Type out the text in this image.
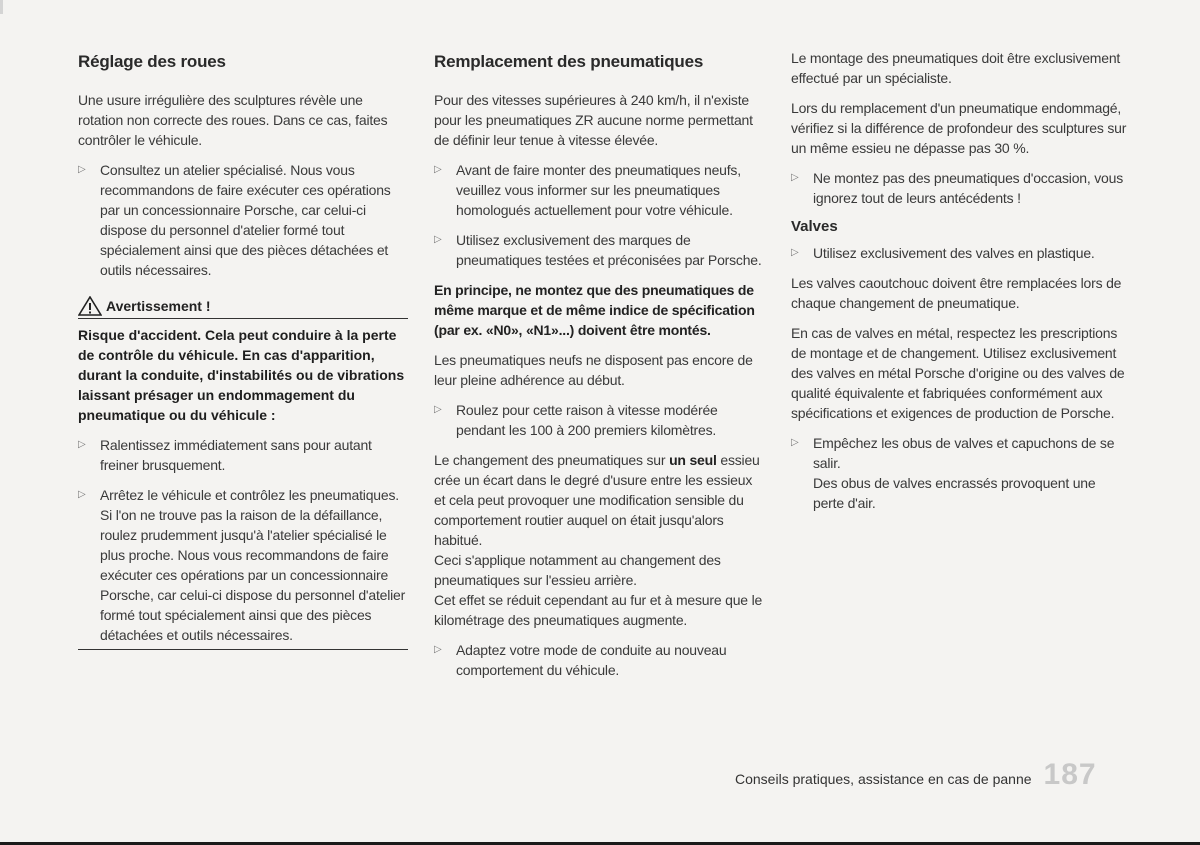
Réglage des roues

Une usure irrégulière des sculptures révèle une rotation non correcte des roues. Dans ce cas, faites contrôler le véhicule.

▷ Consultez un atelier spécialisé. Nous vous recommandons de faire exécuter ces opérations par un concessionnaire Porsche, car celui-ci dispose du personnel d'atelier formé tout spécialement ainsi que des pièces détachées et outils nécessaires.
Avertissement !
Risque d'accident. Cela peut conduire à la perte de contrôle du véhicule. En cas d'apparition, durant la conduite, d'instabilités ou de vibrations laissant présager un endommagement du pneumatique ou du véhicule :
▷ Ralentissez immédiatement sans pour autant freiner brusquement.
▷ Arrêtez le véhicule et contrôlez les pneumatiques.
Si l'on ne trouve pas la raison de la défaillance, roulez prudemment jusqu'à l'atelier spécialisé le plus proche. Nous vous recommandons de faire exécuter ces opérations par un concessionnaire Porsche, car celui-ci dispose du personnel d'atelier formé tout spécialement ainsi que des pièces détachées et outils nécessaires.
Remplacement des pneumatiques

Pour des vitesses supérieures à 240 km/h, il n'existe pour les pneumatiques ZR aucune norme permettant de définir leur tenue à vitesse élevée.

▷ Avant de faire monter des pneumatiques neufs, veuillez vous informer sur les pneumatiques homologués actuellement pour votre véhicule.
▷ Utilisez exclusivement des marques de pneumatiques testées et préconisées par Porsche.

En principe, ne montez que des pneumatiques de même marque et de même indice de spécification (par ex. «N0», «N1»...) doivent être montés.

Les pneumatiques neufs ne disposent pas encore de leur pleine adhérence au début.

▷ Roulez pour cette raison à vitesse modérée pendant les 100 à 200 premiers kilomètres.

Le changement des pneumatiques sur un seul essieu crée un écart dans le degré d'usure entre les essieux et cela peut provoquer une modification sensible du comportement routier auquel on était jusqu'alors habitué.
Ceci s'applique notamment au changement des pneumatiques sur l'essieu arrière.
Cet effet se réduit cependant au fur et à mesure que le kilométrage des pneumatiques augmente.

▷ Adaptez votre mode de conduite au nouveau comportement du véhicule.

Le montage des pneumatiques doit être exclusivement effectué par un spécialiste.

Lors du remplacement d'un pneumatique endommagé, vérifiez si la différence de profondeur des sculptures sur un même essieu ne dépasse pas 30 %.

▷ Ne montez pas des pneumatiques d'occasion, vous ignorez tout de leurs antécédents !
Valves
▷ Utilisez exclusivement des valves en plastique.

Les valves caoutchouc doivent être remplacées lors de chaque changement de pneumatique.

En cas de valves en métal, respectez les prescriptions de montage et de changement. Utilisez exclusivement des valves en métal Porsche d'origine ou des valves de qualité équivalente et fabriquées conformément aux spécifications et exigences de production de Porsche.

▷ Empêchez les obus de valves et capuchons de se salir.
Des obus de valves encrassés provoquent une perte d'air.
Conseils pratiques, assistance en cas de panne 187
